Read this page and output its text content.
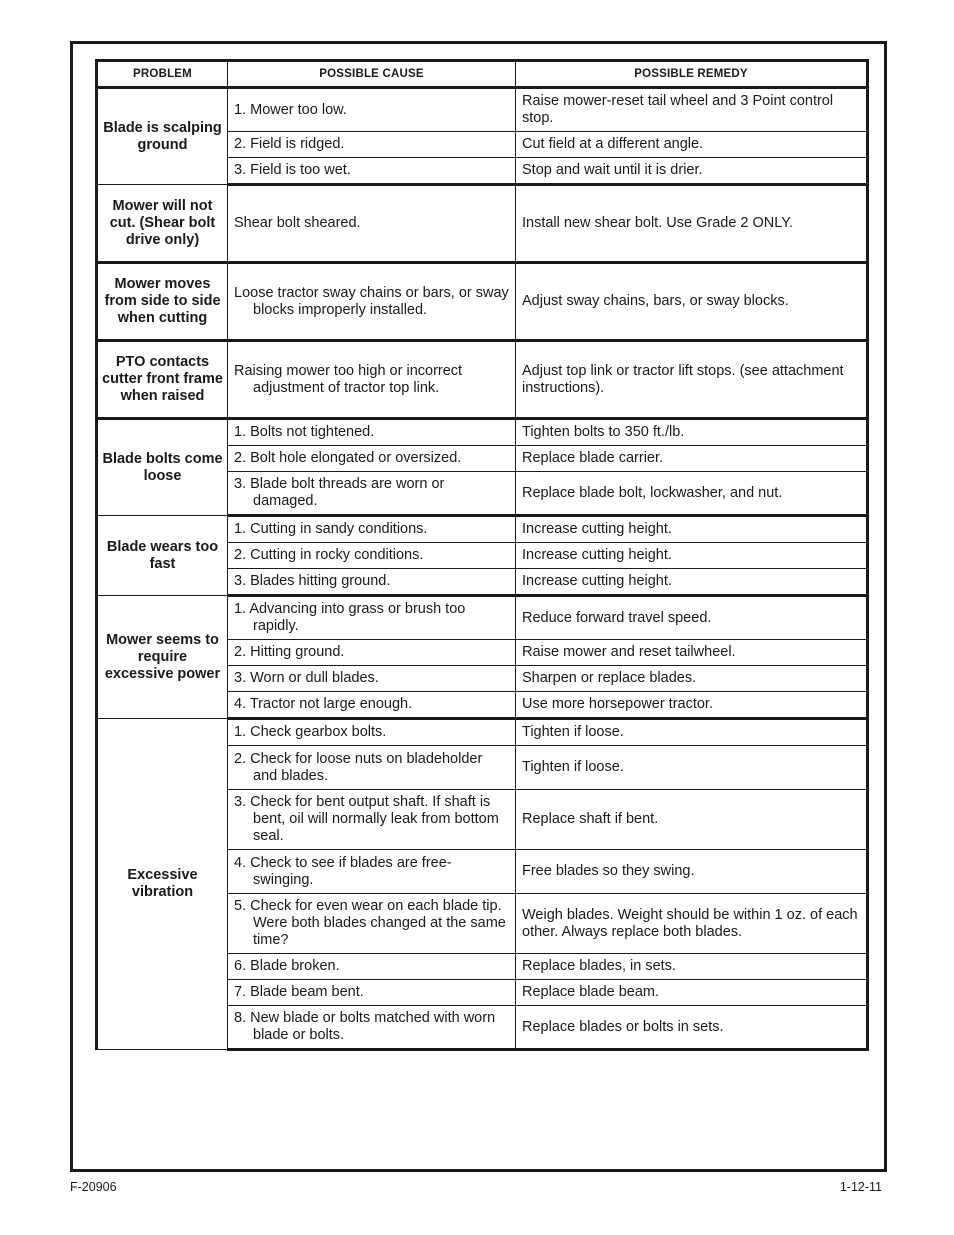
PROBLEM	POSSIBLE CAUSE	POSSIBLE REMEDY
Blade is scalping ground	1. Mower too low.	Raise mower-reset tail wheel and 3 Point control stop.

	2. Field is ridged.	Cut field at a different angle.

	3. Field is too wet.	Stop and wait until it is drier.
Mower will not cut. (Shear bolt drive only)	Shear bolt sheared.	Install new shear bolt. Use Grade 2 ONLY.
Mower moves from side to side when cutting	Loose tractor sway chains or bars, or sway blocks improperly installed.	Adjust sway chains, bars, or sway blocks.
PTO contacts cutter front frame when raised	Raising mower too high or incorrect adjustment of tractor top link.	Adjust top link or tractor lift stops. (see attachment instructions).
Blade bolts come loose	1. Bolts not tightened.	Tighten bolts to 350 ft./lb.

	2. Bolt hole elongated or oversized.	Replace blade carrier.

	3. Blade bolt threads are worn or damaged.	Replace blade bolt, lockwasher, and nut.
Blade wears too fast	1. Cutting in sandy conditions.	Increase cutting height.

	2. Cutting in rocky conditions.	Increase cutting height.

	3. Blades hitting ground.	Increase cutting height.
Mower seems to require excessive power	1. Advancing into grass or brush too rapidly.	Reduce forward travel speed.

	2. Hitting ground.	Raise mower and reset tailwheel.

	3. Worn or dull blades.	Sharpen or replace blades.

	4. Tractor not large enough.	Use more horsepower tractor.
Excessive vibration	1. Check gearbox bolts.	Tighten if loose.

	2. Check for loose nuts on bladeholder and blades.	Tighten if loose.

	3. Check for bent output shaft. If shaft is bent, oil will normally leak from bottom seal.	Replace shaft if bent.

	4. Check to see if blades are free-swinging.	Free blades so they swing.

	5. Check for even wear on each blade tip. Were both blades changed at the same time?	Weigh blades. Weight should be within 1 oz. of each other. Always replace both blades.

	6. Blade broken.	Replace blades, in sets.

	7. Blade beam bent.	Replace blade beam.

	8. New blade or bolts matched with worn blade or bolts.	Replace blades or bolts in sets.
F-20906	1-12-11
